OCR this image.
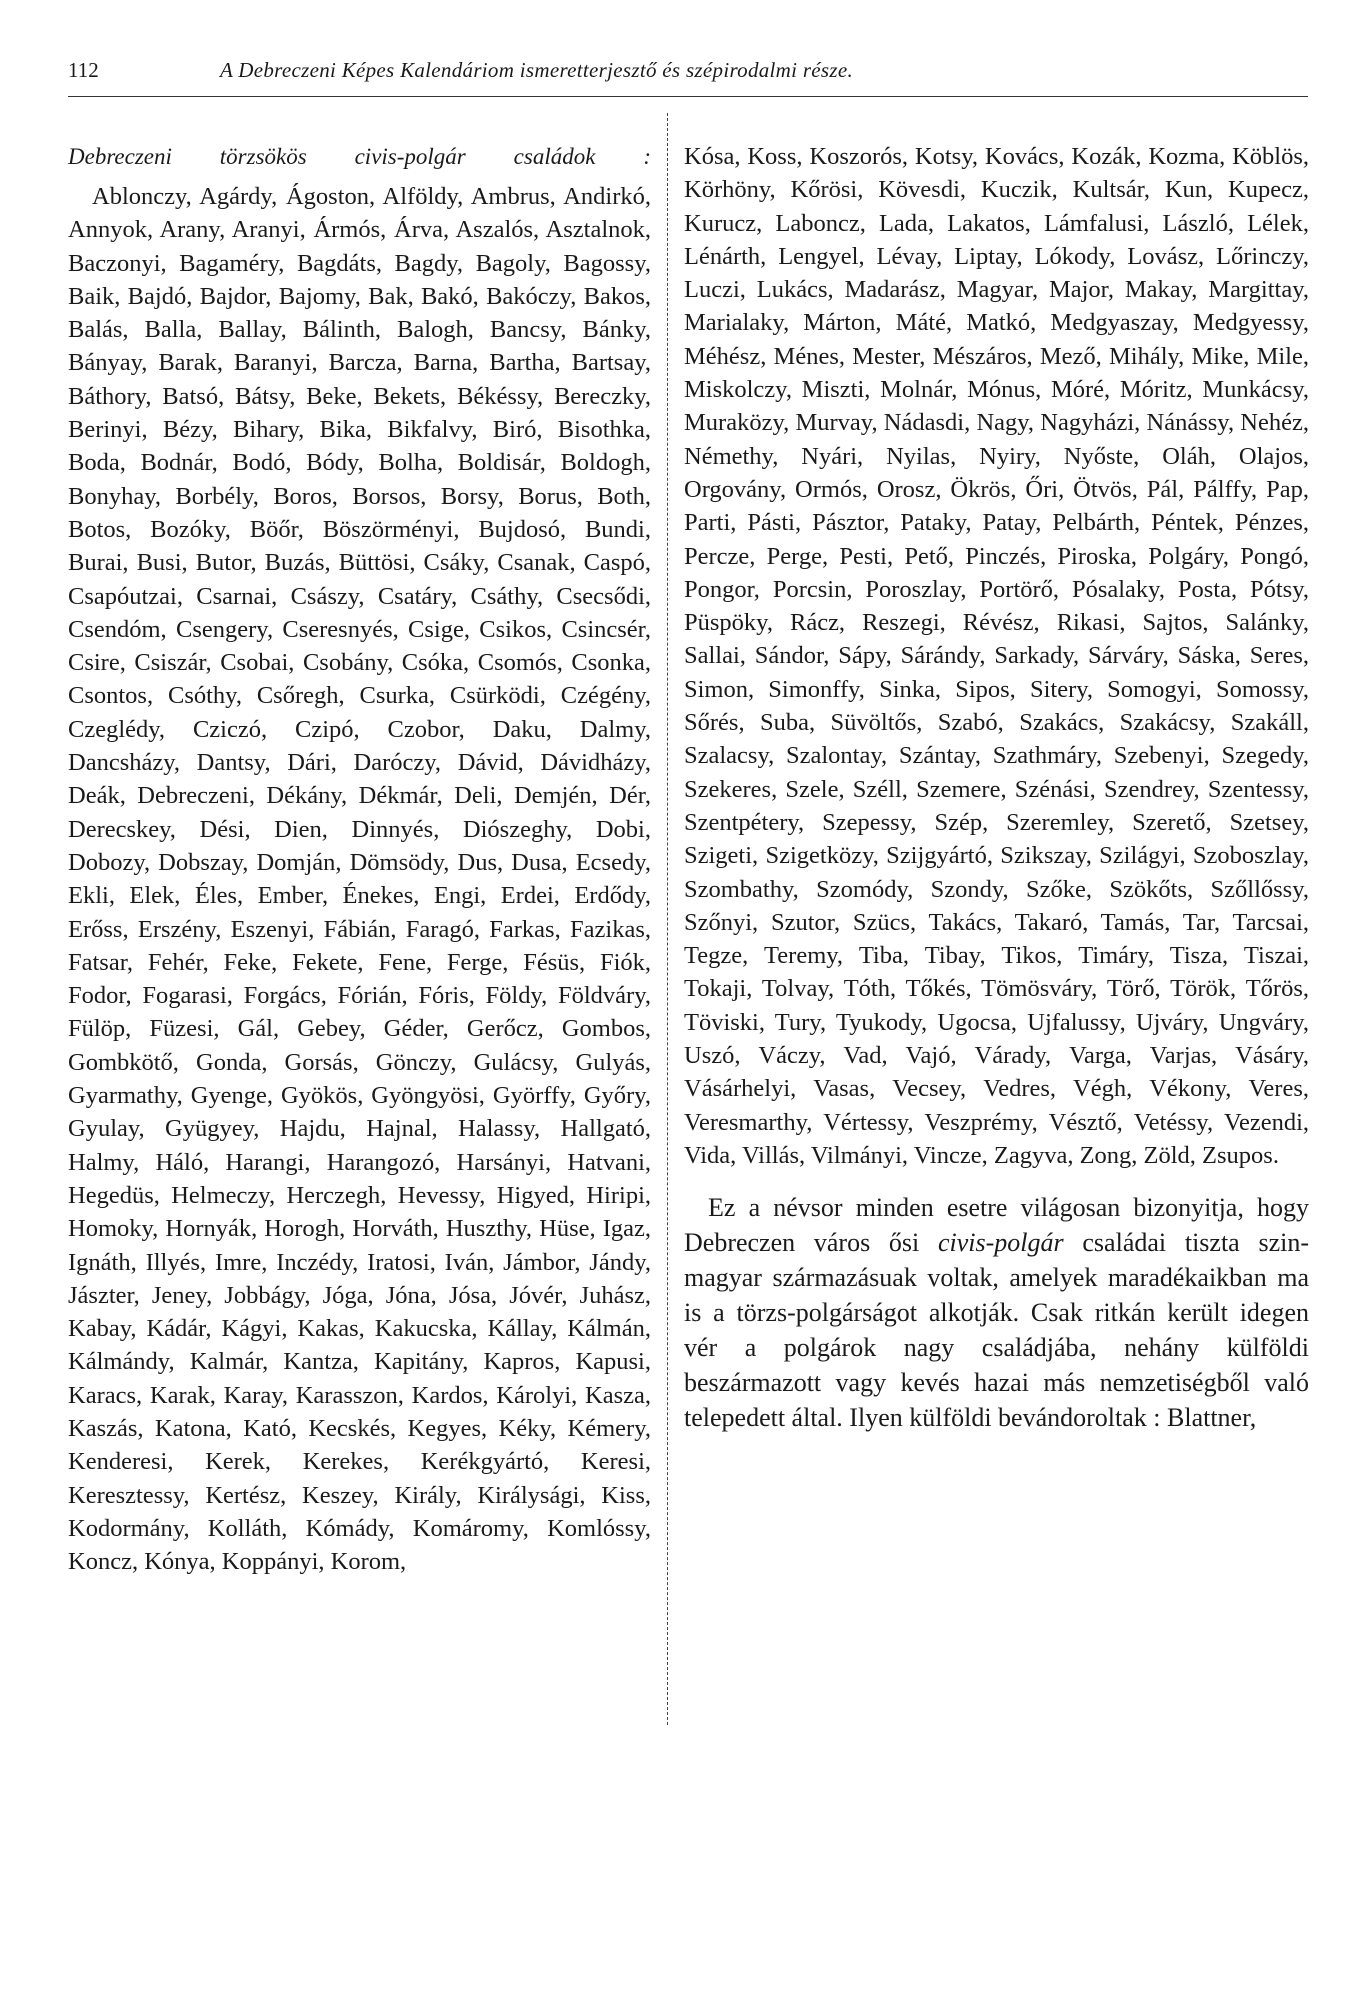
112	A Debreczeni Képes Kalendáriom ismeretterjesztő és szépirodalmi része.

Debreczeni törzsökös civis-polgár családok :

Ablonczy, Agárdy, Ágoston, Alföldy, Ambrus, Andirkó, Annyok, Arany, Aranyi, Ármós, Árva, Aszalós, Asztalnok, Baczonyi, Bagaméry, Bagdáts, Bagdy, Bagoly, Bagossy, Baik, Bajdó, Bajdor, Bajomy, Bak, Bakó, Bakóczy, Bakos, Balás, Balla, Ballay, Bálinth, Balogh, Bancsy, Bánky, Bányay, Barak, Baranyi, Barcza, Barna, Bartha, Bartsay, Báthory, Batsó, Bátsy, Beke, Bekets, Békéssy, Bereczky, Berinyi, Bézy, Bihary, Bika, Bikfalvy, Biró, Bisothka, Boda, Bodnár, Bodó, Bódy, Bolha, Boldisár, Boldogh, Bonyhay, Borbély, Boros, Borsos, Borsy, Borus, Both, Botos, Bozóky, Böőr, Böszörményi, Bujdosó, Bundi, Burai, Busi, Butor, Buzás, Büttösi, Csáky, Csanak, Caspó, Csapóutzai, Csarnai, Császy, Csatáry, Csáthy, Csecsődi, Csendóm, Csengery, Cseresnyés, Csige, Csikos, Csincsér, Csire, Csiszár, Csobai, Csobány, Csóka, Csomós, Csonka, Csontos, Csóthy, Csőregh, Csurka, Csürködi, Czégény, Czeglédy, Cziczó, Czipó, Czobor, Daku, Dalmy, Dancsházy, Dantsy, Dári, Daróczy, Dávid, Dávidházy, Deák, Debreczeni, Dékány, Dékmár, Deli, Demjén, Dér, Derecskey, Dési, Dien, Dinnyés, Diószeghy, Dobi, Dobozy, Dobszay, Domján, Dömsödy, Dus, Dusa, Ecsedy, Ekli, Elek, Éles, Ember, Énekes, Engi, Erdei, Erdődy, Erőss, Erszény, Eszenyi, Fábián, Faragó, Farkas, Fazikas, Fatsar, Fehér, Feke, Fekete, Fene, Ferge, Fésüs, Fiók, Fodor, Fogarasi, Forgács, Fórián, Fóris, Földy, Földváry, Fülöp, Füzesi, Gál, Gebey, Géder, Gerőcz, Gombos, Gombkötő, Gonda, Gorsás, Gönczy, Gulácsy, Gulyás, Gyarmathy, Gyenge, Gyökös, Gyöngyösi, Györffy, Győry, Gyulay, Gyügyey, Hajdu, Hajnal, Halassy, Hallgató, Halmy, Háló, Harangi, Harangozó, Harsányi, Hatvani, Hegedüs, Helmeczy, Herczegh, Hevessy, Higyed, Hiripi, Homoky, Hornyák, Horogh, Horváth, Huszthy, Hüse, Igaz, Ignáth, Illyés, Imre, Inczédy, Iratosi, Iván, Jámbor, Jándy, Jászter, Jeney, Jobbágy, Jóga, Jóna, Jósa, Jóvér, Juhász, Kabay, Kádár, Kágyi, Kakas, Kakucska, Kállay, Kálmán, Kálmándy, Kalmár, Kantza, Kapitány, Kapros, Kapusi, Karacs, Karak, Karay, Karasszon, Kardos, Károlyi, Kasza, Kaszás, Katona, Kató, Kecskés, Kegyes, Kéky, Kémery, Kenderesi, Kerek, Kerekes, Kerékgyártó, Keresi, Keresztessy, Kertész, Keszey, Király, Királysági, Kiss, Kodormány, Kolláth, Kómády, Komáromy, Komlóssy, Koncz, Kónya, Koppányi, Korom,

Kósa, Koss, Koszorós, Kotsy, Kovács, Kozák, Kozma, Köblös, Körhöny, Kőrösi, Kövesdi, Kuczik, Kultsár, Kun, Kupecz, Kurucz, Laboncz, Lada, Lakatos, Lámfalusi, László, Lélek, Lénárth, Lengyel, Lévay, Liptay, Lókody, Lovász, Lőrinczy, Luczi, Lukács, Madarász, Magyar, Major, Makay, Margittay, Marialaky, Márton, Máté, Matkó, Medgyaszay, Medgyessy, Méhész, Ménes, Mester, Mészáros, Mező, Mihály, Mike, Mile, Miskolczy, Miszti, Molnár, Mónus, Móré, Móritz, Munkácsy, Muraközy, Murvay, Nádasdi, Nagy, Nagyházi, Nánássy, Nehéz, Némethy, Nyári, Nyilas, Nyiry, Nyőste, Oláh, Olajos, Orgovány, Ormós, Orosz, Ökrös, Őri, Ötvös, Pál, Pálffy, Pap, Parti, Pásti, Pásztor, Pataky, Patay, Pelbárth, Péntek, Pénzes, Percze, Perge, Pesti, Pető, Pinczés, Piroska, Polgáry, Pongó, Pongor, Porcsin, Poroszlay, Portörő, Pósalaky, Posta, Pótsy, Püspöky, Rácz, Reszegi, Révész, Rikasi, Sajtos, Salánky, Sallai, Sándor, Sápy, Sárándy, Sarkady, Sárváry, Sáska, Seres, Simon, Simonffy, Sinka, Sipos, Sitery, Somogyi, Somossy, Sőrés, Suba, Süvöltős, Szabó, Szakács, Szakácsy, Szakáll, Szalacsy, Szalontay, Szántay, Szathmáry, Szebenyi, Szegedy, Szekeres, Szele, Széll, Szemere, Szénási, Szendrey, Szentessy, Szentpétery, Szepessy, Szép, Szeremley, Szerető, Szetsey, Szigeti, Szigetközy, Szijgyártó, Szikszay, Szilágyi, Szoboszlay, Szombathy, Szomódy, Szondy, Szőke, Szökőts, Szőllőssy, Szőnyi, Szutor, Szücs, Takács, Takaró, Tamás, Tar, Tarcsai, Tegze, Teremy, Tiba, Tibay, Tikos, Timáry, Tisza, Tiszai, Tokaji, Tolvay, Tóth, Tőkés, Tömösváry, Törő, Török, Tőrös, Töviski, Tury, Tyukody, Ugocsa, Ujfalussy, Ujváry, Ungváry, Uszó, Váczy, Vad, Vajó, Várady, Varga, Varjas, Vásáry, Vásárhelyi, Vasas, Vecsey, Vedres, Végh, Vékony, Veres, Veresmarthy, Vértessy, Veszprémy, Vésztő, Vetéssy, Vezendi, Vida, Villás, Vilmányi, Vincze, Zagyva, Zong, Zöld, Zsupos.

Ez a névsor minden esetre világosan bizonyitja, hogy Debreczen város ősi civis-polgár családai tiszta szin-magyar származásuak voltak, amelyek maradékaikban ma is a törzs-polgárságot alkotják. Csak ritkán került idegen vér a polgárok nagy családjába, nehány külföldi beszármazott vagy kevés hazai más nemzetiségből való telepedett által. Ilyen külföldi bevándoroltak : Blattner,
